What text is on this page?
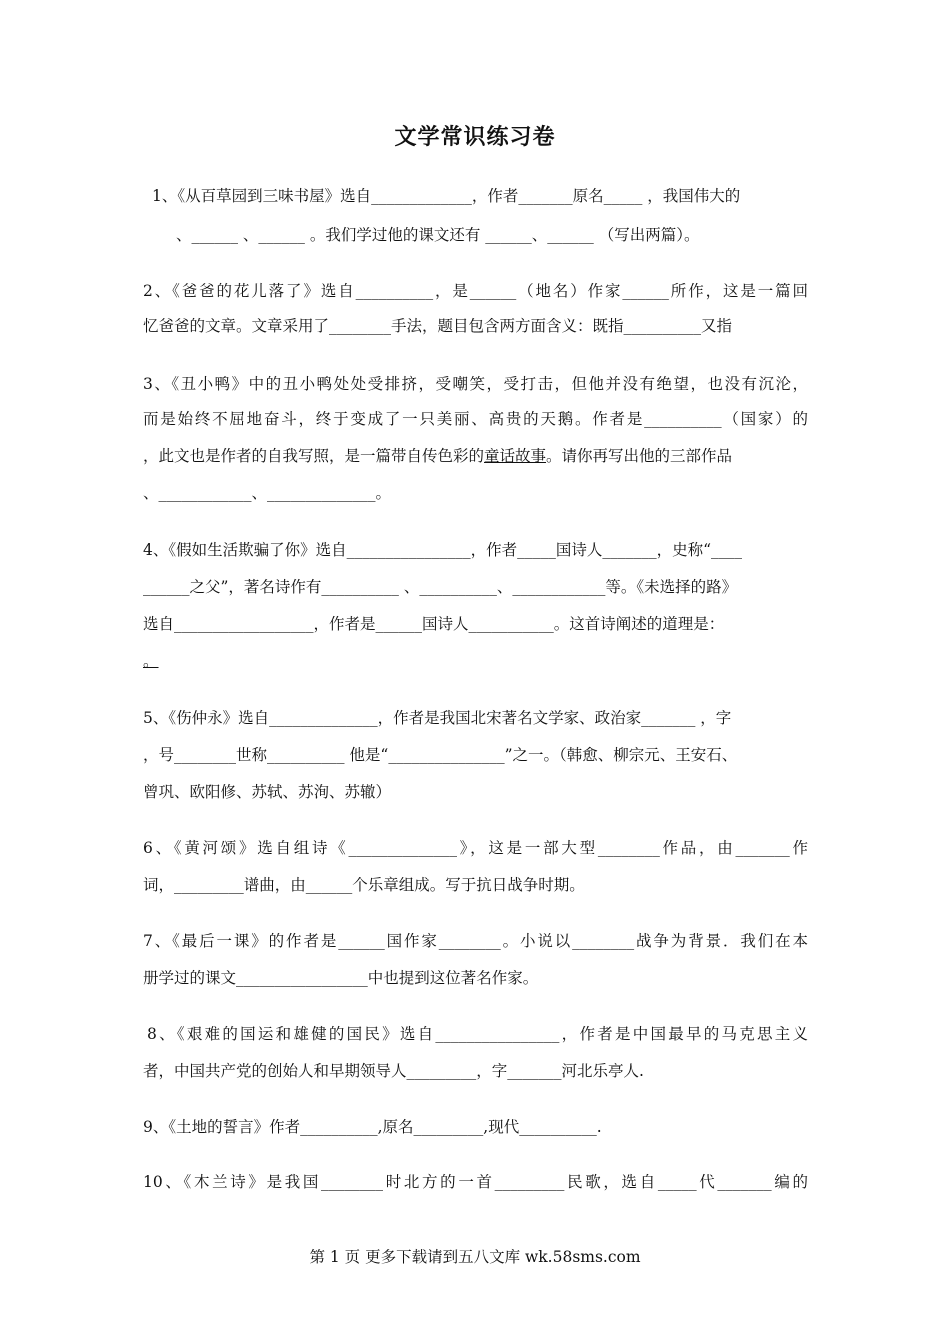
文学常识练习卷
1、《从百草园到三味书屋》选自_____________，作者_______原名_____ ，我国伟大的
、______ 、______ 。我们学过他的课文还有 ______、______ （写出两篇）。
2、《爸爸的花儿落了》选自__________，是______（地名）作家______所作，这是一篇回
忆爸爸的文章。文章采用了________手法，题目包含两方面含义：既指__________又指
3、《丑小鸭》中的丑小鸭处处受排挤，受嘲笑，受打击，但他并没有绝望，也没有沉沦，
而是始终不屈地奋斗，终于变成了一只美丽、高贵的天鹅。作者是__________（国家）的
，此文也是作者的自我写照，是一篇带自传色彩的童话故事。请你再写出他的三部作品
、____________、______________。
4、《假如生活欺骗了你》选自________________，作者_____国诗人_______，史称“____
______之父”，著名诗作有__________ 、__________、____________等。《未选择的路》
选自__________________，作者是______国诗人___________。这首诗阐述的道理是：
。
5、《伤仲永》选自______________，作者是我国北宋著名文学家、政治家_______ ，字
，号________世称__________ 他是“_______________”之一。（韩愈、柳宗元、王安石、
曾巩、欧阳修、苏轼、苏洵、苏辙）
6、《黄河颂》选自组诗《______________》，这是一部大型________作品，由_______作
词，_________谱曲，由______个乐章组成。写于抗日战争时期。
7、《最后一课》的作者是______国作家________。小说以________战争为背景．我们在本
册学过的课文_________________中也提到这位著名作家。
8、《艰难的国运和雄健的国民》选自________________，作者是中国最早的马克思主义
者，中国共产党的创始人和早期领导人_________，字_______河北乐亭人.
9、《土地的誓言》作者__________,原名_________,现代__________.
10、《木兰诗》是我国________时北方的一首_________民歌，选自_____代_______编的
第 1 页 更多下载请到五八文库 wk.58sms.com
